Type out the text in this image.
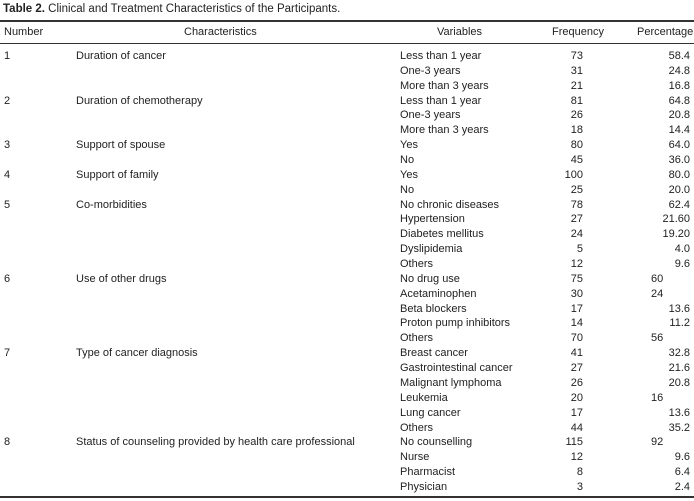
Table 2. Clinical and Treatment Characteristics of the Participants.
Number	Characteristics	Variables	Frequency	Percentage
1	Duration of cancer	Less than 1 year	73	58.4
One-3 years	31	24.8
More than 3 years	21	16.8
2	Duration of chemotherapy	Less than 1 year	81	64.8
One-3 years	26	20.8
More than 3 years	18	14.4
3	Support of spouse	Yes	80	64.0
No	45	36.0
4	Support of family	Yes	100	80.0
No	25	20.0
5	Co-morbidities	No chronic diseases	78	62.4
Hypertension	27	21.60
Diabetes mellitus	24	19.20
Dyslipidemia	5	4.0
Others	12	9.6
6	Use of other drugs	No drug use	75	60
Acetaminophen	30	24
Beta blockers	17	13.6
Proton pump inhibitors	14	11.2
Others	70	56
7	Type of cancer diagnosis	Breast cancer	41	32.8
Gastrointestinal cancer	27	21.6
Malignant lymphoma	26	20.8
Leukemia	20	16
Lung cancer	17	13.6
Others	44	35.2
8	Status of counseling provided by health care professional	No counselling	115	92
Nurse	12	9.6
Pharmacist	8	6.4
Physician	3	2.4
